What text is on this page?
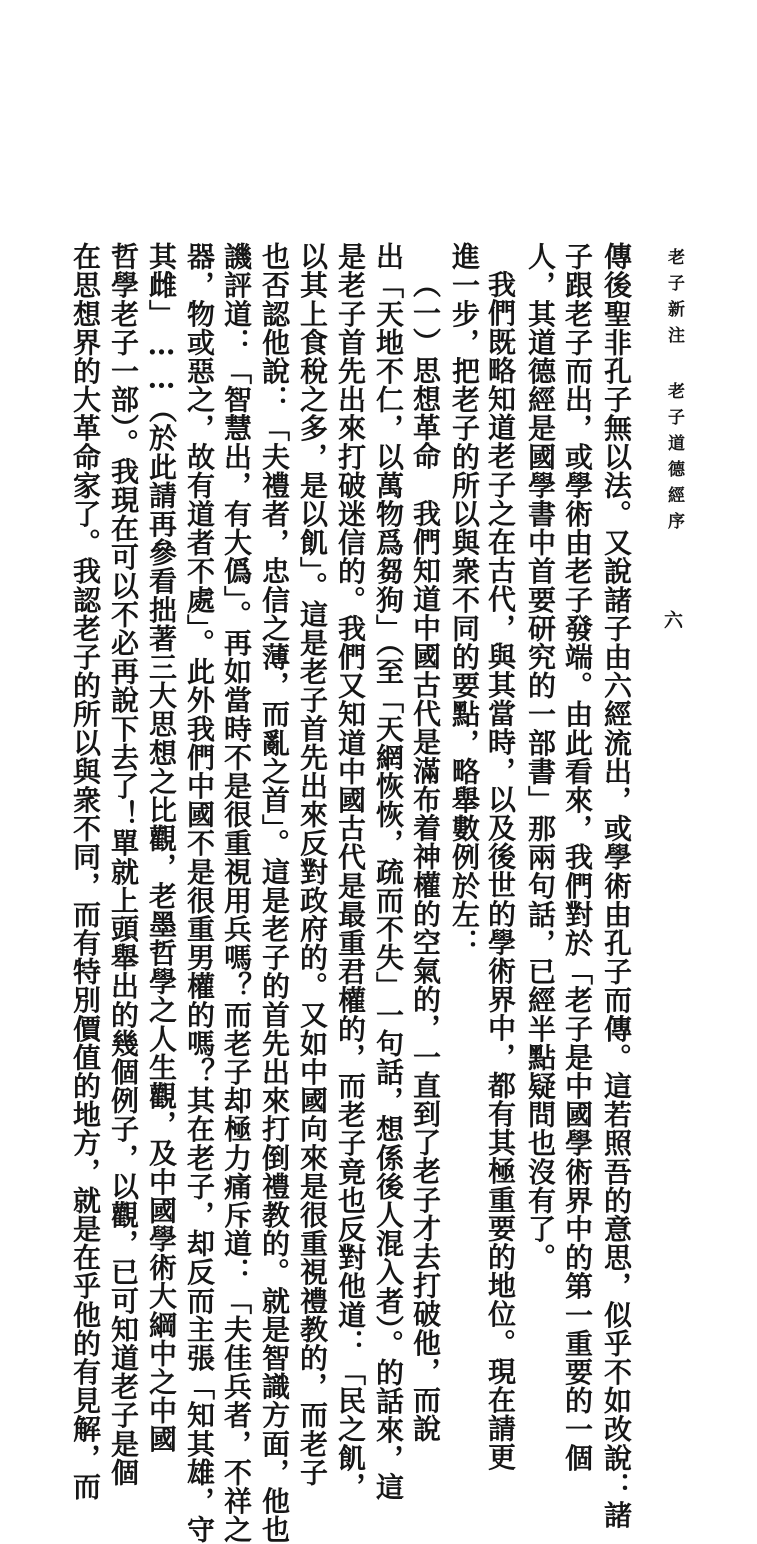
老子新注老子道德經序
六
傳後聖非孔子無以法。又說諸子由六經流出，或學術由孔子而傳。這若照吾的意思，似乎不如改說：諸
子跟老子而出，或學術由老子發端。由此看來，我們對於「老子是中國學術界中的第一重要的一個
人，其道德經是國學書中首要研究的一部書」那兩句話，已經半點疑問也沒有了。
我們既略知道老子之在古代，與其當時，以及後世的學術界中，都有其極重要的地位。現在請更
進一步，把老子的所以與衆不同的要點，略舉數例於左：
（一）思想革命　我們知道中國古代是滿布着神權的空氣的，一直到了老子才去打破他，而說
出「天地不仁，以萬物爲芻狗」（至「天網恢恢，疏而不失」一句話，想係後人混入者）。的話來，這
是老子首先出來打破迷信的。我們又知道中國古代是最重君權的，而老子竟也反對他道：「民之飢，
以其上食稅之多，是以飢」。這是老子首先出來反對政府的。又如中國向來是很重視禮教的，而老子
也否認他說：「夫禮者，忠信之薄，而亂之首」。這是老子的首先出來打倒禮教的。就是智識方面，他也
譏評道：「智慧出，有大僞」。再如當時不是很重視用兵嗎？而老子却極力痛斥道：「夫佳兵者，不祥之
器，物或惡之，故有道者不處」。此外我們中國不是很重男權的嗎？其在老子，却反而主張「知其雄，守
其雌」……（於此請再參看拙著三大思想之比觀，老墨哲學之人生觀，及中國學術大綱中之中國
哲學老子一部）。我現在可以不必再說下去了！單就上頭舉出的幾個例子，以觀，已可知道老子是個
在思想界的大革命家了。我認老子的所以與衆不同，而有特別價值的地方，就是在乎他的有見解，而
